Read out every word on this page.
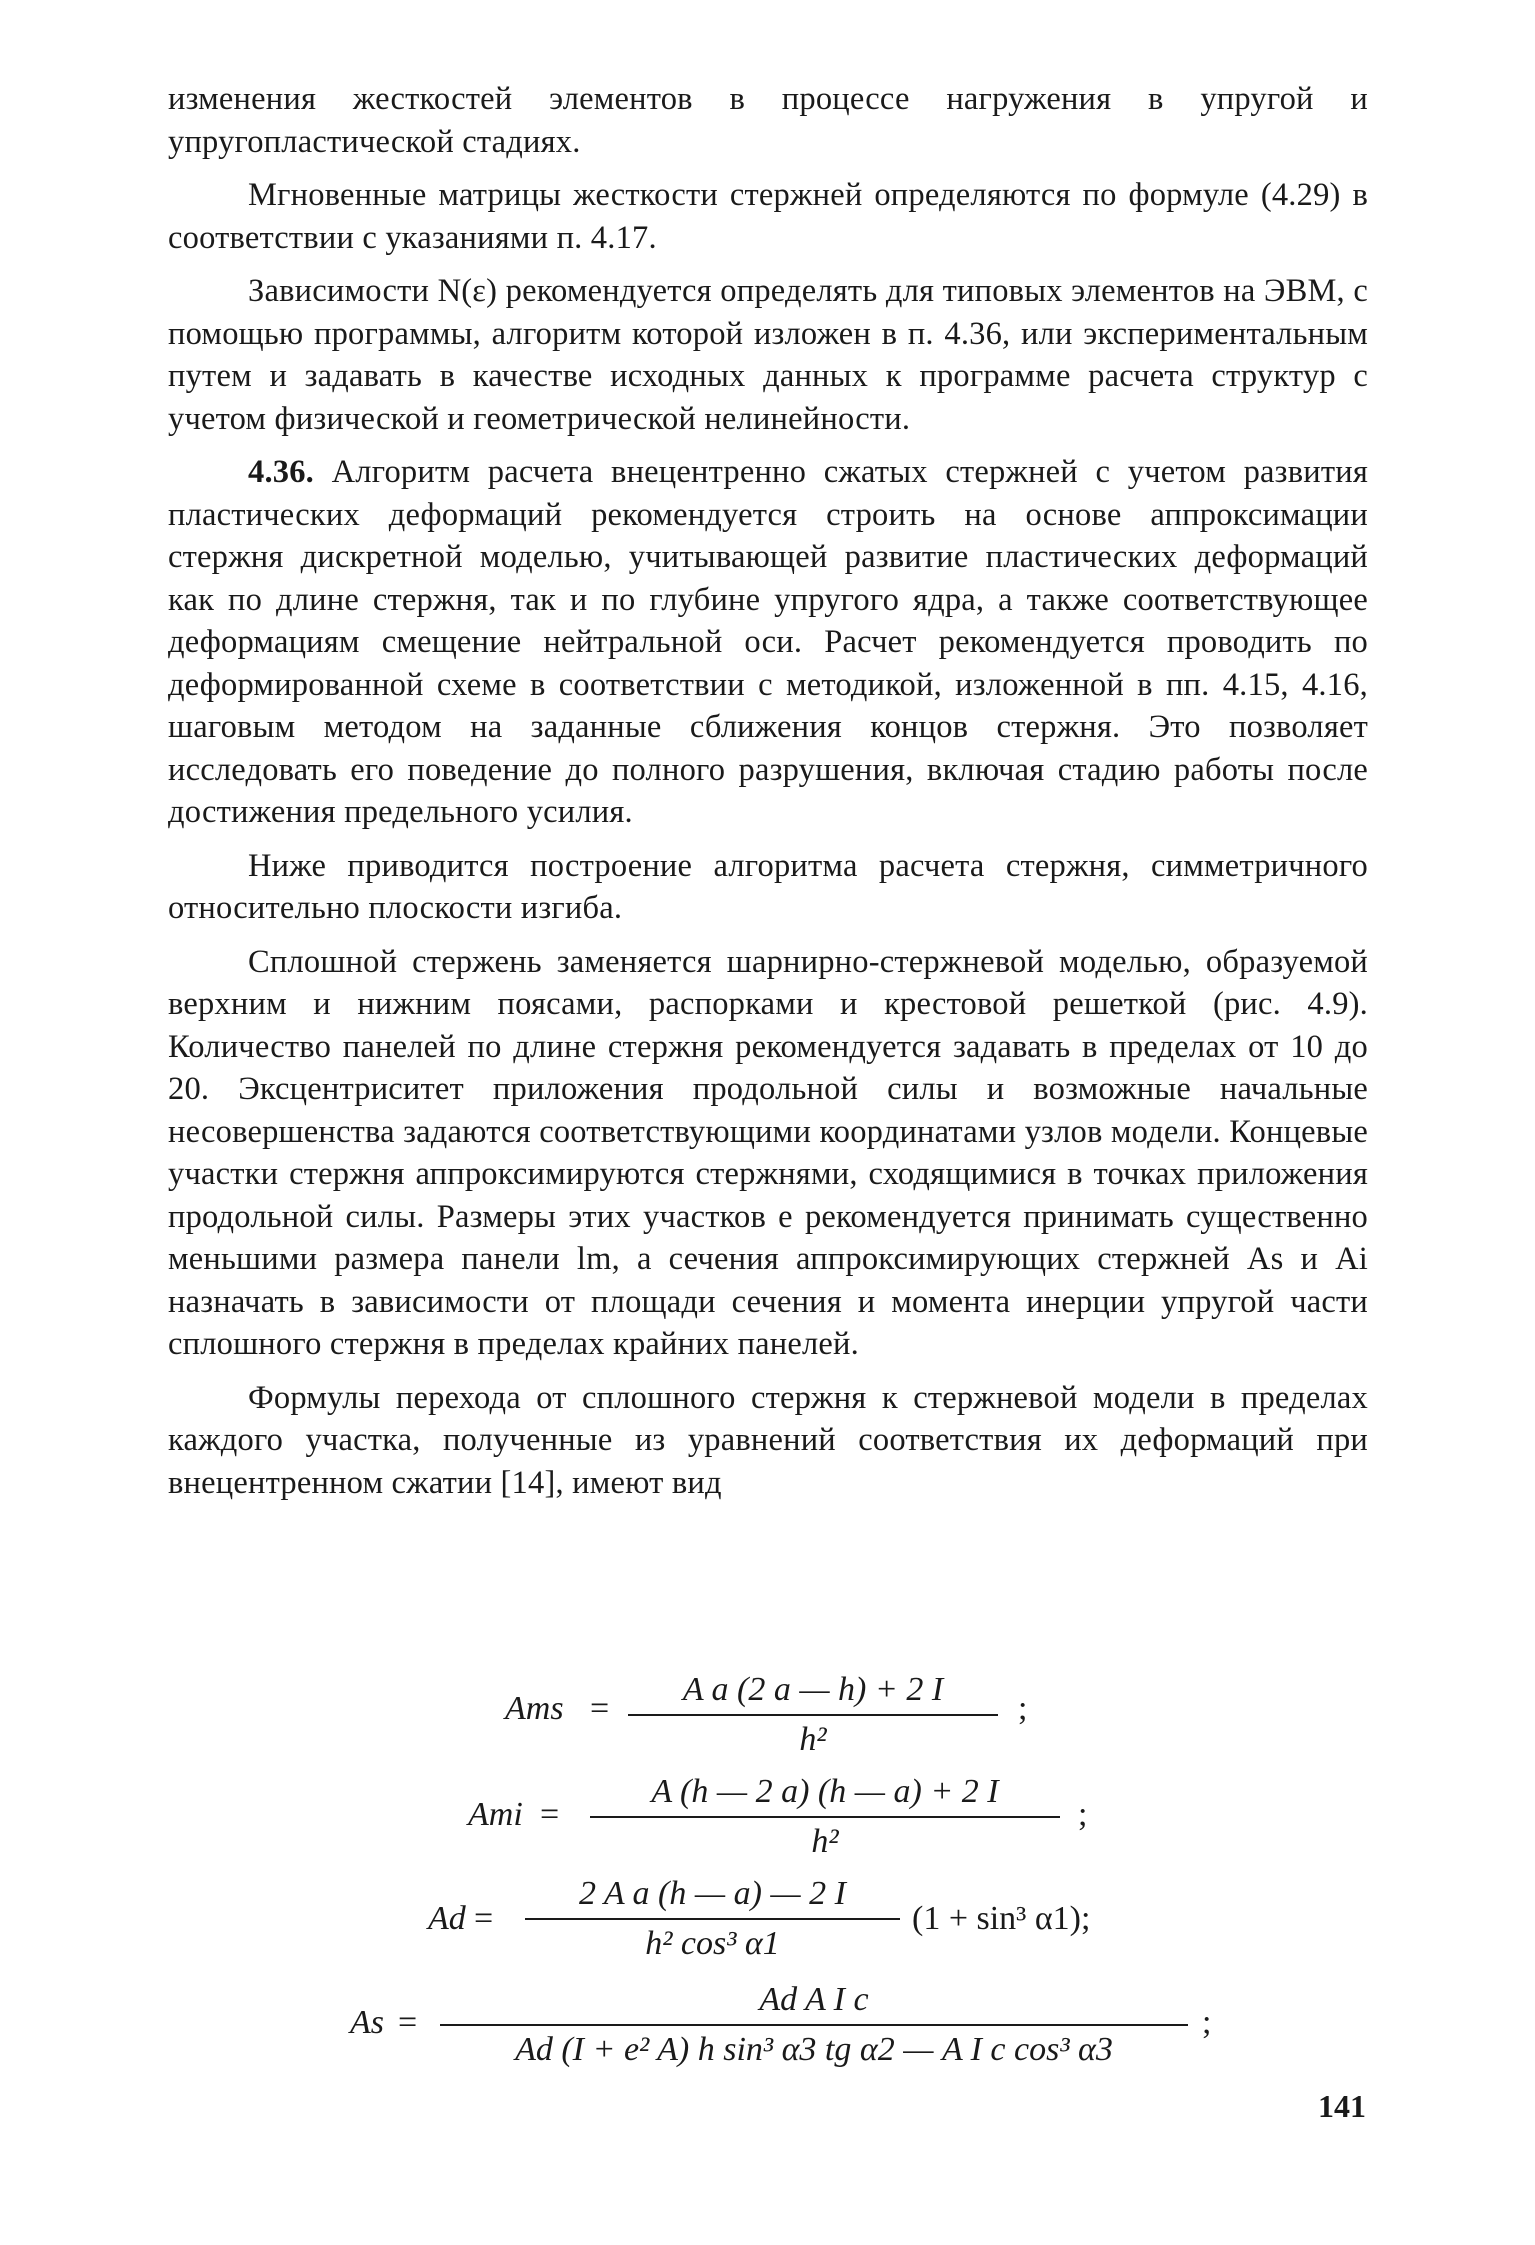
изменения жесткостей элементов в процессе нагружения в упругой и упругопластической стадиях.

Мгновенные матрицы жесткости стержней определяются по формуле (4.29) в соответствии с указаниями п. 4.17.

Зависимости N(ε) рекомендуется определять для типовых элементов на ЭВМ, с помощью программы, алгоритм которой изложен в п. 4.36, или экспериментальным путем и задавать в качестве исходных данных к программе расчета структур с учетом физической и геометрической нелинейности.

4.36. Алгоритм расчета внецентренно сжатых стержней с учетом развития пластических деформаций рекомендуется строить на основе аппроксимации стержня дискретной моделью, учитывающей развитие пластических деформаций как по длине стержня, так и по глубине упругого ядра, а также соответствующее деформациям смещение нейтральной оси. Расчет рекомендуется проводить по деформированной схеме в соответствии с методикой, изложенной в пп. 4.15, 4.16, шаговым методом на заданные сближения концов стержня. Это позволяет исследовать его поведение до полного разрушения, включая стадию работы после достижения предельного усилия.

Ниже приводится построение алгоритма расчета стержня, симметричного относительно плоскости изгиба.

Сплошной стержень заменяется шарнирно-стержневой моделью, образуемой верхним и нижним поясами, распорками и крестовой решеткой (рис. 4.9). Количество панелей по длине стержня рекомендуется задавать в пределах от 10 до 20. Эксцентриситет приложения продольной силы и возможные начальные несовершенства задаются соответствующими координатами узлов модели. Концевые участки стержня аппроксимируются стержнями, сходящимися в точках приложения продольной силы. Размеры этих участков e рекомендуется принимать существенно меньшими размера панели lm, а сечения аппроксимирующих стержней As и Ai назначать в зависимости от площади сечения и момента инерции упругой части сплошного стержня в пределах крайних панелей.

Формулы перехода от сплошного стержня к стержневой модели в пределах каждого участка, полученные из уравнений соответствия их деформаций при внецентренном сжатии [14], имеют вид

Ams =
A a (2 a — h) + 2 I
h²
;
Ami =
A (h — 2 a) (h — a) + 2 I
h²
;
Ad =
2 A a (h — a) — 2 I
h² cos³ α1
(1 + sin³ α1);
As =
Ad A I c
Ad (I + e² A) h sin³ α3 tg α2 — A I c cos³ α3
;
141
